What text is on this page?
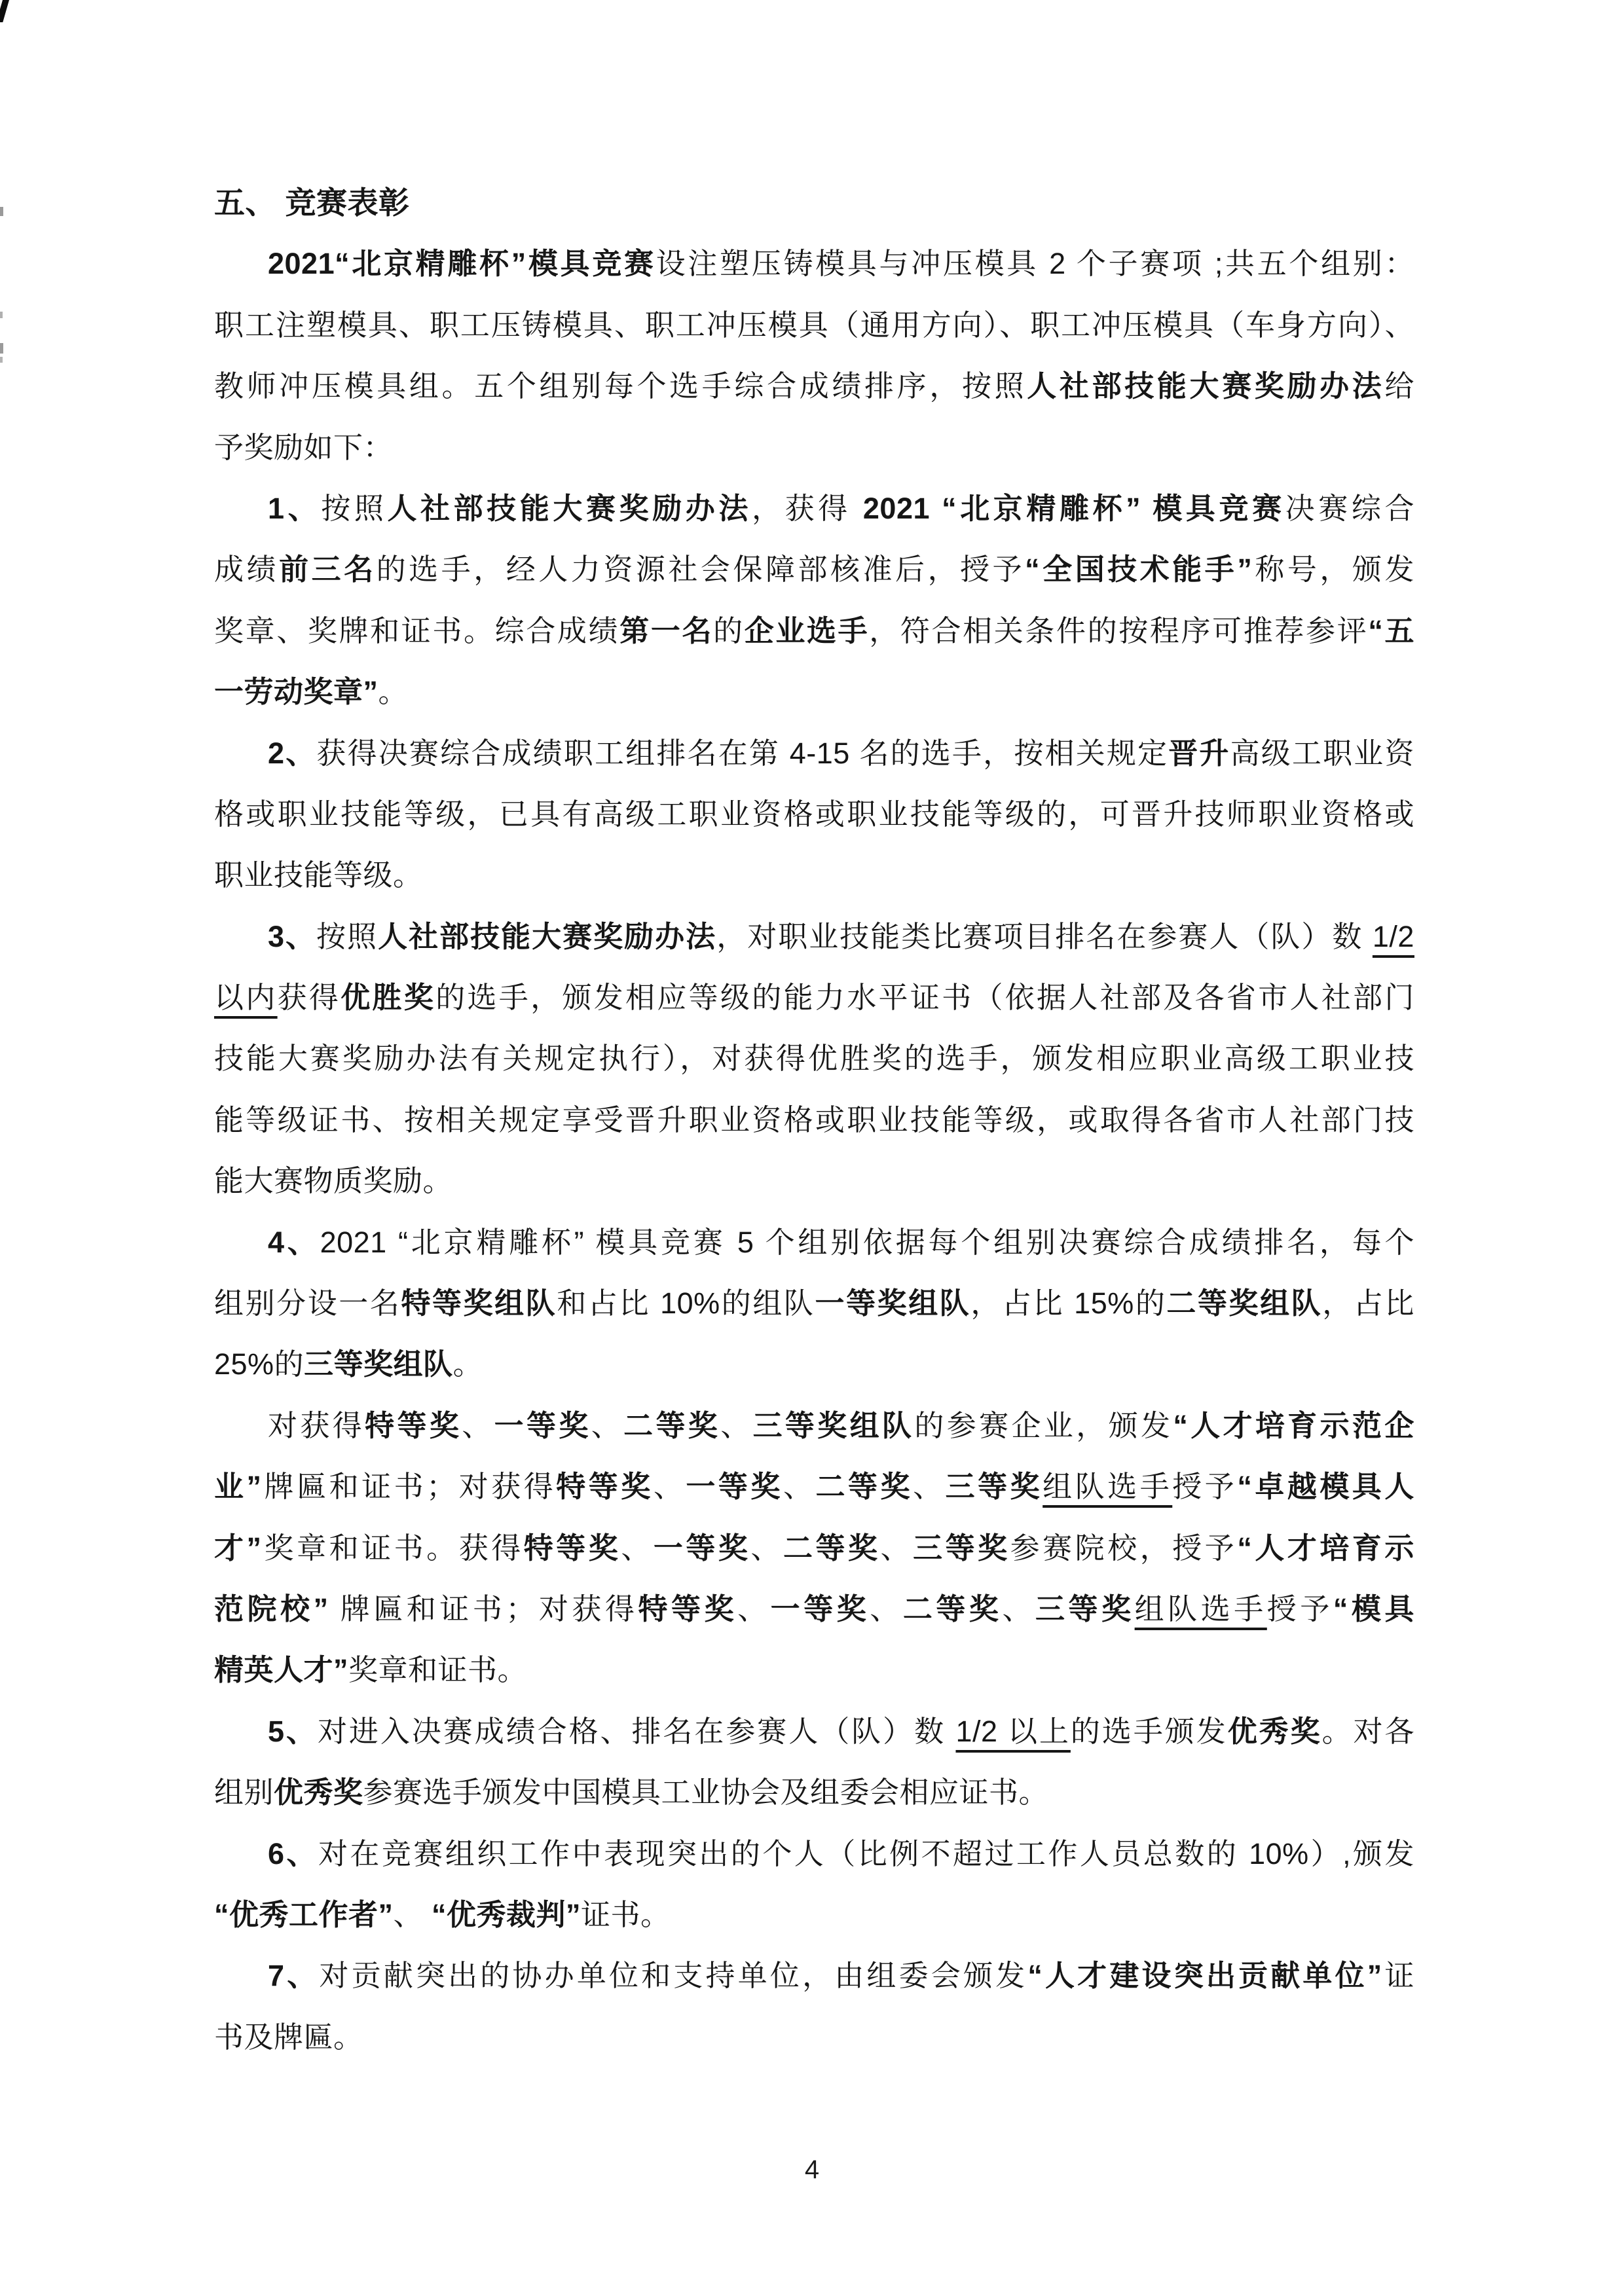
五、 竞赛表彰
2021“北京精雕杯”模具竞赛设注塑压铸模具与冲压模具 2 个子赛项 ;共五个组别：
职工注塑模具、职工压铸模具、职工冲压模具（通用方向）、职工冲压模具（车身方向）、
教师冲压模具组。五个组别每个选手综合成绩排序，按照人社部技能大赛奖励办法给
予奖励如下：
1、按照人社部技能大赛奖励办法，获得 2021 “北京精雕杯” 模具竞赛决赛综合
成绩前三名的选手，经人力资源社会保障部核准后，授予“全国技术能手”称号，颁发
奖章、奖牌和证书。综合成绩第一名的企业选手，符合相关条件的按程序可推荐参评“五
一劳动奖章”。
2、获得决赛综合成绩职工组排名在第 4-15 名的选手，按相关规定晋升高级工职业资
格或职业技能等级，已具有高级工职业资格或职业技能等级的，可晋升技师职业资格或
职业技能等级。
3、按照人社部技能大赛奖励办法，对职业技能类比赛项目排名在参赛人（队）数 1/2
以内获得优胜奖的选手，颁发相应等级的能力水平证书（依据人社部及各省市人社部门
技能大赛奖励办法有关规定执行），对获得优胜奖的选手，颁发相应职业高级工职业技
能等级证书、按相关规定享受晋升职业资格或职业技能等级，或取得各省市人社部门技
能大赛物质奖励。
4、2021 “北京精雕杯” 模具竞赛 5 个组别依据每个组别决赛综合成绩排名，每个
组别分设一名特等奖组队和占比 10%的组队一等奖组队，占比 15%的二等奖组队，占比
25%的三等奖组队。
对获得特等奖、一等奖、二等奖、三等奖组队的参赛企业，颁发“人才培育示范企
业”牌匾和证书；对获得特等奖、一等奖、二等奖、三等奖组队选手授予“卓越模具人
才”奖章和证书。获得特等奖、一等奖、二等奖、三等奖参赛院校，授予“人才培育示
范院校” 牌匾和证书；对获得特等奖、一等奖、二等奖、三等奖组队选手授予“模具
精英人才”奖章和证书。
5、对进入决赛成绩合格、排名在参赛人（队）数 1/2 以上的选手颁发优秀奖。对各
组别优秀奖参赛选手颁发中国模具工业协会及组委会相应证书。
6、对在竞赛组织工作中表现突出的个人（比例不超过工作人员总数的 10%）,颁发
“优秀工作者”、 “优秀裁判”证书。
7、对贡献突出的协办单位和支持单位，由组委会颁发“人才建设突出贡献单位”证
书及牌匾。
4
